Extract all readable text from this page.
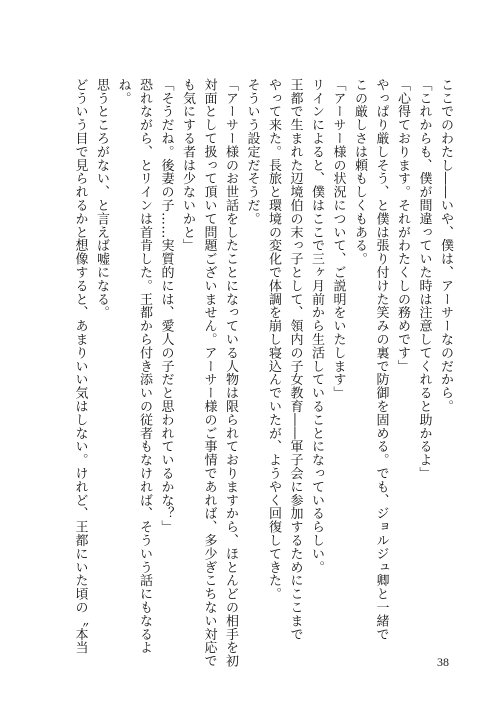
ここでのわたし――いや、僕は、アーサーなのだから。
「これからも、僕が間違っていた時は注意してくれると助かるよ」
「心得ております。それがわたくしの務めです」
やっぱり厳しそう、と僕は張り付けた笑みの裏で防御を固める。でも、ジョルジュ卿と一緒で
この厳しさは頼もしくもある。
「アーサー様の状況について、ご説明をいたします」
リインによると、僕はここで三ヶ月前から生活していることになっているらしい。
王都で生まれた辺境伯の末っ子として、領内の子女教育――軍子会に参加するためにここまで
やって来た。長旅と環境の変化で体調を崩し寝込んでいたが、ようやく回復してきた。
そういう設定だそうだ。
「アーサー様のお世話をしたことになっている人物は限られておりますから、ほとんどの相手を初
対面として扱って頂いて問題ございません。アーサー様のご事情であれば、多少ぎこちない対応で
も気にする者は少ないかと」
「そうだね。後妻の子……実質的には、愛人の子だと思われているかな？」
恐れながら、とリインは首肯した。王都から付き添いの従者もなければ、そういう話にもなるよ
ね。
思うところがない、と言えば嘘になる。
どういう目で見られるかと想像すると、あまりいい気はしない。けれど、王都にいた頃の〝本当
38
